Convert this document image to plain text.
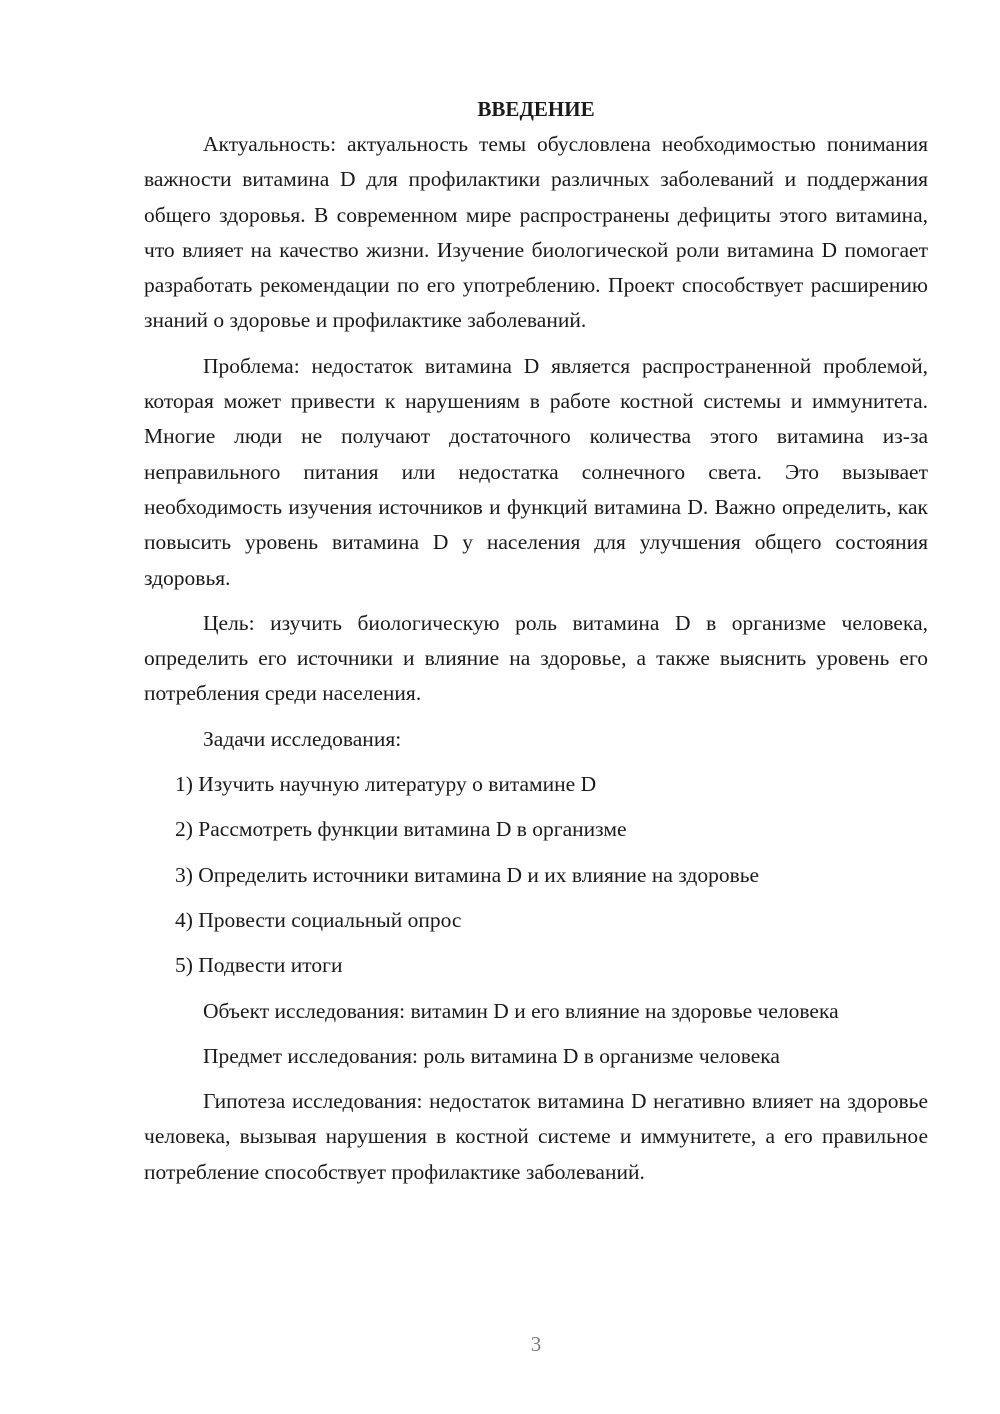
ВВЕДЕНИЕ

Актуальность: актуальность темы обусловлена необходимостью понимания важности витамина D для профилактики различных заболеваний и поддержания общего здоровья. В современном мире распространены дефициты этого витамина, что влияет на качество жизни. Изучение биологической роли витамина D помогает разработать рекомендации по его употреблению. Проект способствует расширению знаний о здоровье и профилактике заболеваний.

Проблема: недостаток витамина D является распространенной проблемой, которая может привести к нарушениям в работе костной системы и иммунитета. Многие люди не получают достаточного количества этого витамина из-за неправильного питания или недостатка солнечного света. Это вызывает необходимость изучения источников и функций витамина D. Важно определить, как повысить уровень витамина D у населения для улучшения общего состояния здоровья.

Цель: изучить биологическую роль витамина D в организме человека, определить его источники и влияние на здоровье, а также выяснить уровень его потребления среди населения.

Задачи исследования:

1) Изучить научную литературу о витамине D
2) Рассмотреть функции витамина D в организме
3) Определить источники витамина D и их влияние на здоровье
4) Провести социальный опрос
5) Подвести итоги

Объект исследования: витамин D и его влияние на здоровье человека

Предмет исследования: роль витамина D в организме человека

Гипотеза исследования: недостаток витамина D негативно влияет на здоровье человека, вызывая нарушения в костной системе и иммунитете, а его правильное потребление способствует профилактике заболеваний.

3
